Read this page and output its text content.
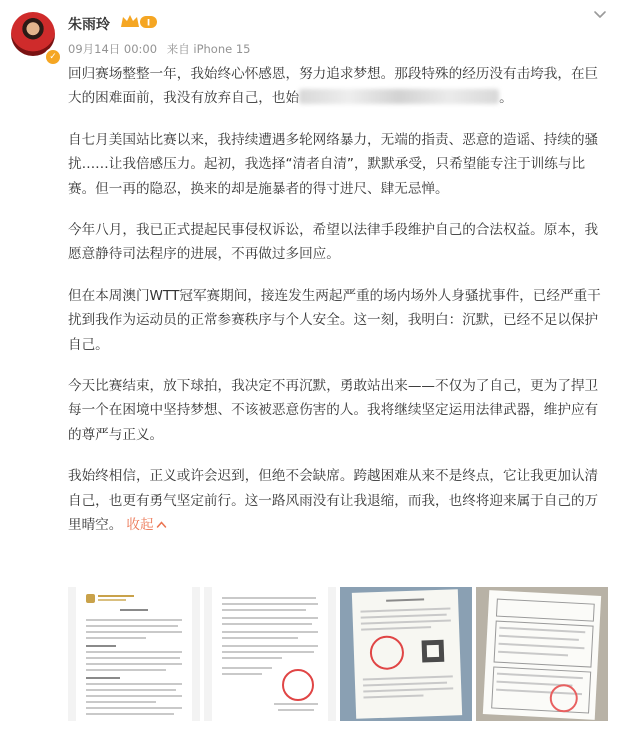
✓
朱雨玲	I
09月14日 00:00 来自 iPhone 15

回归赛场整整一年，我始终心怀感恩，努力追求梦想。那段特殊的经历没有击垮我，在巨大的困难面前，我没有放弃自己，也始	。

自七月美国站比赛以来，我持续遭遇多轮网络暴力，无端的指责、恶意的造谣、持续的骚扰……让我倍感压力。起初，我选择“清者自清”，默默承受，只希望能专注于训练与比赛。但一再的隐忍，换来的却是施暴者的得寸进尺、肆无忌惮。

今年八月，我已正式提起民事侵权诉讼，希望以法律手段维护自己的合法权益。原本，我愿意静待司法程序的进展，不再做过多回应。

但在本周澳门WTT冠军赛期间，接连发生两起严重的场内场外人身骚扰事件，已经严重干扰到我作为运动员的正常参赛秩序与个人安全。这一刻，我明白：沉默，已经不足以保护自己。

今天比赛结束，放下球拍，我决定不再沉默，勇敢站出来——不仅为了自己，更为了捍卫每一个在困境中坚持梦想、不该被恶意伤害的人。我将继续坚定运用法律武器，维护应有的尊严与正义。

我始终相信，正义或许会迟到，但绝不会缺席。跨越困难从来不是终点，它让我更加认清自己，也更有勇气坚定前行。这一路风雨没有让我退缩，而我，也终将迎来属于自己的万里晴空。 收起
